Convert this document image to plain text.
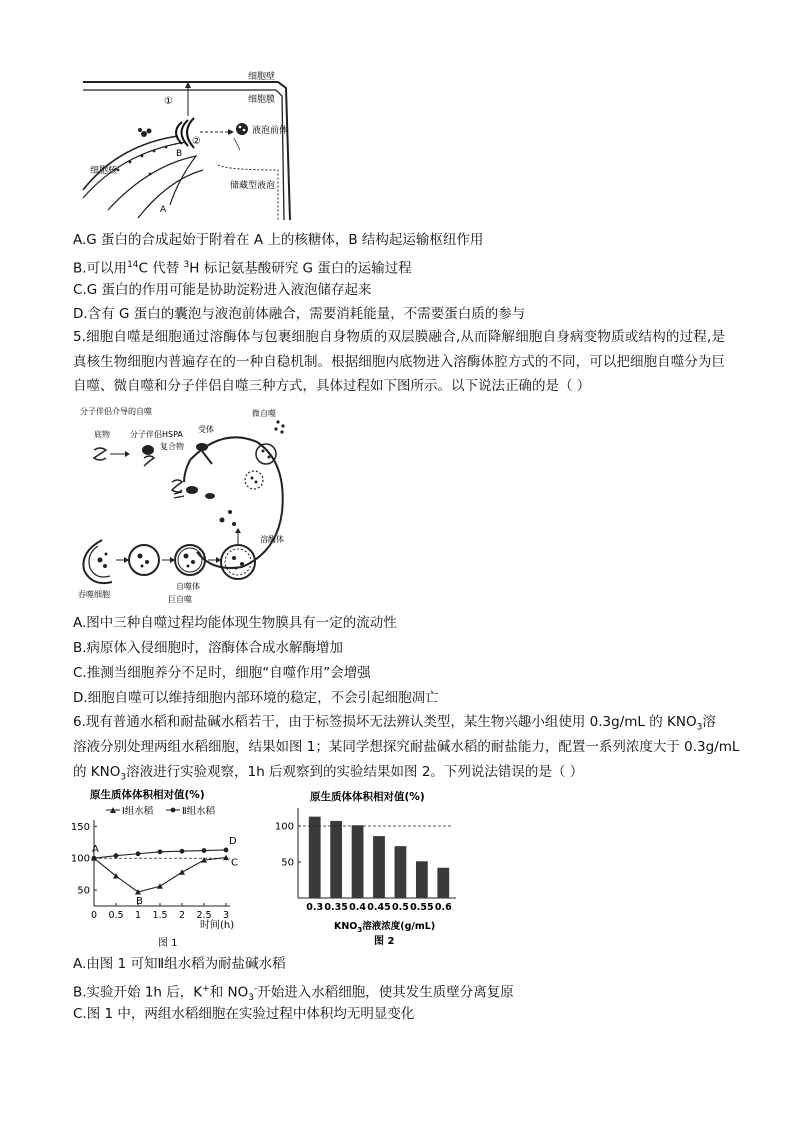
①
②
液泡前体
储藏型液泡
细胞壁
细胞膜
细胞核
A
B
A.G 蛋白的合成起始于附着在 A 上的核糖体，B 结构起运输枢纽作用
B.可以用$^{14}$C 代替 $^3$H 标记氨基酸研究 G 蛋白的运输过程
C.G 蛋白的作用可能是协助淀粉进入液泡储存起来
D.含有 G 蛋白的囊泡与液泡前体融合，需要消耗能量，不需要蛋白质的参与
5.细胞自噬是细胞通过溶酶体与包裹细胞自身物质的双层膜融合,从而降解细胞自身病变物质或结构的过程,是真核生物细胞内普遍存在的一种自稳机制。根据细胞内底物进入溶酶体腔方式的不同，可以把细胞自噬分为巨自噬、微自噬和分子伴侣自噬三种方式，具体过程如下图所示。以下说法正确的是（ ）
分子伴侣介导的自噬
底物	分子伴侣HSPA
复合物
受体
微自噬
溶酶体
吞噬细胞
自噬体
巨自噬
A.图中三种自噬过程均能体现生物膜具有一定的流动性
B.病原体入侵细胞时，溶酶体合成水解酶增加
C.推测当细胞养分不足时，细胞“自噬作用”会增强
D.细胞自噬可以维持细胞内部环境的稳定，不会引起细胞凋亡
6.现有普通水稻和耐盐碱水稻若干，由于标签损坏无法辨认类型，某生物兴趣小组使用 0.3g/mL 的 $KNO_3$溶
溶液分别处理两组水稻细胞，结果如图 1；某同学想探究耐盐碱水稻的耐盐能力，配置一系列浓度大于 0.3g/mL
的 $KNO_3$溶液进行实验观察，1h 后观察到的实验结果如图 2。下列说法错误的是（ ）
原生质体体积相对值(%)
Ⅰ组水稻	Ⅱ组水稻
50
100
150
0 0.5 1 1.5 2 2.5 3
A
B
C
D
时间(h)
图 1
原生质体体积相对值(%)
50
100
0.3 0.35 0.4 0.45 0.5 0.55 0.6
$KNO_3$溶液浓度(g/mL)
图 2
A.由图 1 可知Ⅱ组水稻为耐盐碱水稻
B.实验开始 1h 后，K+和 $NO_3^-$开始进入水稻细胞，使其发生质壁分离复原
C.图 1 中，两组水稻细胞在实验过程中体积均无明显变化
